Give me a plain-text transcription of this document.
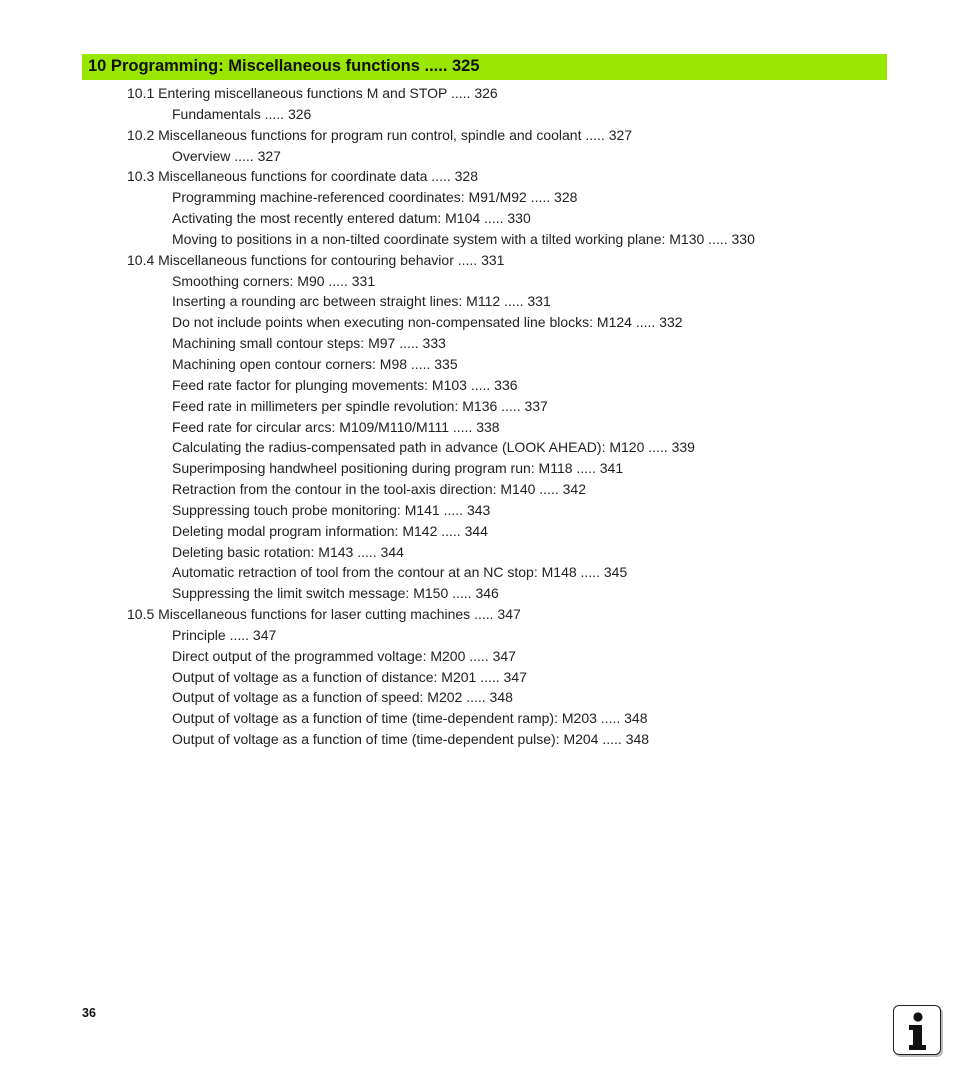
10 Programming: Miscellaneous functions ..... 325
10.1 Entering miscellaneous functions M and STOP ..... 326
Fundamentals ..... 326
10.2 Miscellaneous functions for program run control, spindle and coolant ..... 327
Overview ..... 327
10.3 Miscellaneous functions for coordinate data ..... 328
Programming machine-referenced coordinates: M91/M92 ..... 328
Activating the most recently entered datum: M104 ..... 330
Moving to positions in a non-tilted coordinate system with a tilted working plane: M130 ..... 330
10.4 Miscellaneous functions for contouring behavior ..... 331
Smoothing corners: M90 ..... 331
Inserting a rounding arc between straight lines: M112 ..... 331
Do not include points when executing non-compensated line blocks: M124 ..... 332
Machining small contour steps: M97 ..... 333
Machining open contour corners: M98 ..... 335
Feed rate factor for plunging movements: M103 ..... 336
Feed rate in millimeters per spindle revolution: M136 ..... 337
Feed rate for circular arcs: M109/M110/M111 ..... 338
Calculating the radius-compensated path in advance (LOOK AHEAD): M120 ..... 339
Superimposing handwheel positioning during program run: M118 ..... 341
Retraction from the contour in the tool-axis direction: M140 ..... 342
Suppressing touch probe monitoring: M141 ..... 343
Deleting modal program information: M142 ..... 344
Deleting basic rotation: M143 ..... 344
Automatic retraction of tool from the contour at an NC stop: M148 ..... 345
Suppressing the limit switch message: M150 ..... 346
10.5 Miscellaneous functions for laser cutting machines ..... 347
Principle ..... 347
Direct output of the programmed voltage: M200 ..... 347
Output of voltage as a function of distance: M201 ..... 347
Output of voltage as a function of speed: M202 ..... 348
Output of voltage as a function of time (time-dependent ramp): M203 ..... 348
Output of voltage as a function of time (time-dependent pulse): M204 ..... 348
36
